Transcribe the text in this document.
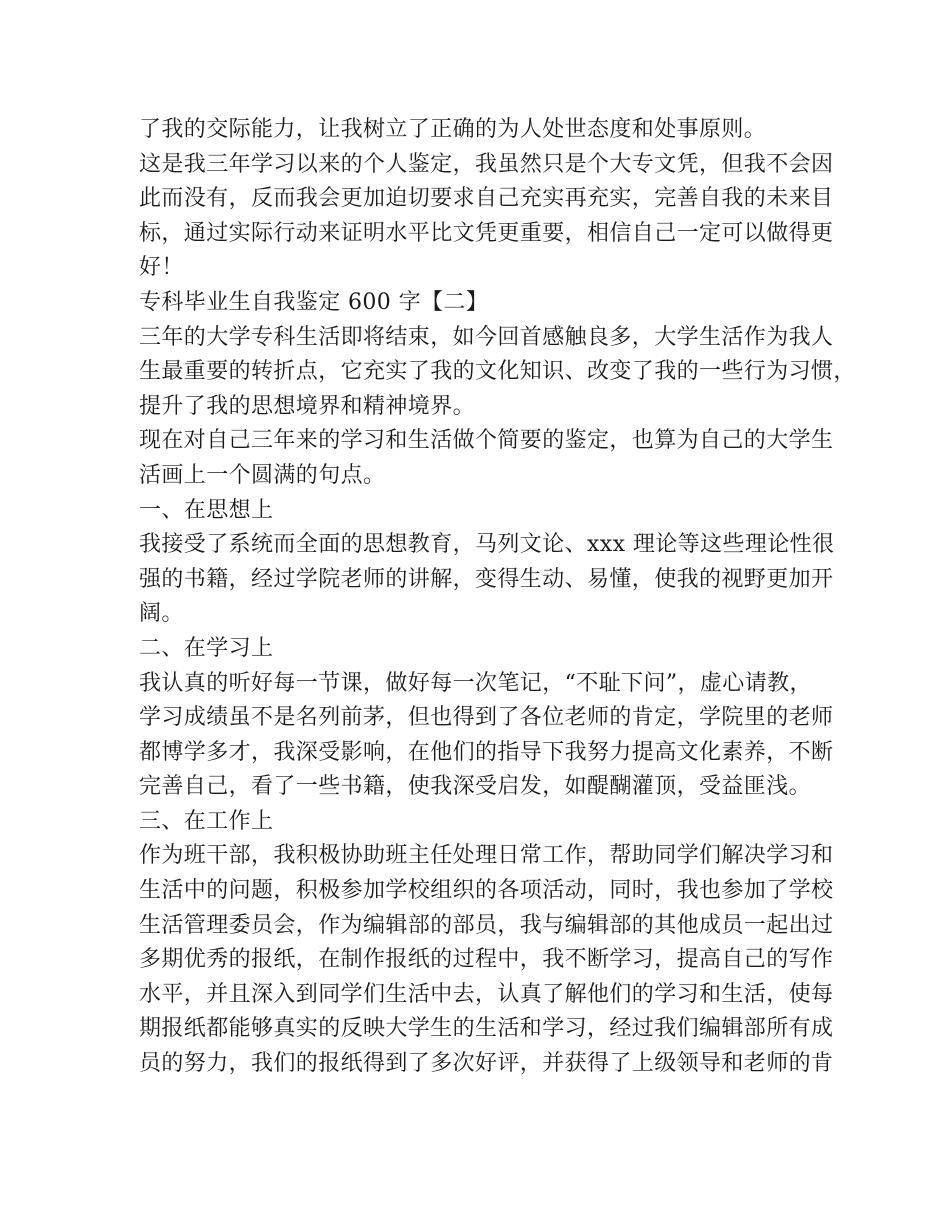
了我的交际能力，让我树立了正确的为人处世态度和处事原则。
这是我三年学习以来的个人鉴定，我虽然只是个大专文凭，但我不会因
此而没有，反而我会更加迫切要求自己充实再充实，完善自我的未来目
标，通过实际行动来证明水平比文凭更重要，相信自己一定可以做得更
好！
专科毕业生自我鉴定 600 字【二】
三年的大学专科生活即将结束，如今回首感触良多，大学生活作为我人
生最重要的转折点，它充实了我的文化知识、改变了我的一些行为习惯，
提升了我的思想境界和精神境界。
现在对自己三年来的学习和生活做个简要的鉴定，也算为自己的大学生
活画上一个圆满的句点。
一、在思想上
我接受了系统而全面的思想教育，马列文论、xxx 理论等这些理论性很
强的书籍，经过学院老师的讲解，变得生动、易懂，使我的视野更加开
阔。
二、在学习上
我认真的听好每一节课，做好每一次笔记，“不耻下问”，虚心请教，
学习成绩虽不是名列前茅，但也得到了各位老师的肯定，学院里的老师
都博学多才，我深受影响，在他们的指导下我努力提高文化素养，不断
完善自己，看了一些书籍，使我深受启发，如醍醐灌顶，受益匪浅。
三、在工作上
作为班干部，我积极协助班主任处理日常工作，帮助同学们解决学习和
生活中的问题，积极参加学校组织的各项活动，同时，我也参加了学校
生活管理委员会，作为编辑部的部员，我与编辑部的其他成员一起出过
多期优秀的报纸，在制作报纸的过程中，我不断学习，提高自己的写作
水平，并且深入到同学们生活中去，认真了解他们的学习和生活，使每
期报纸都能够真实的反映大学生的生活和学习，经过我们编辑部所有成
员的努力，我们的报纸得到了多次好评，并获得了上级领导和老师的肯
